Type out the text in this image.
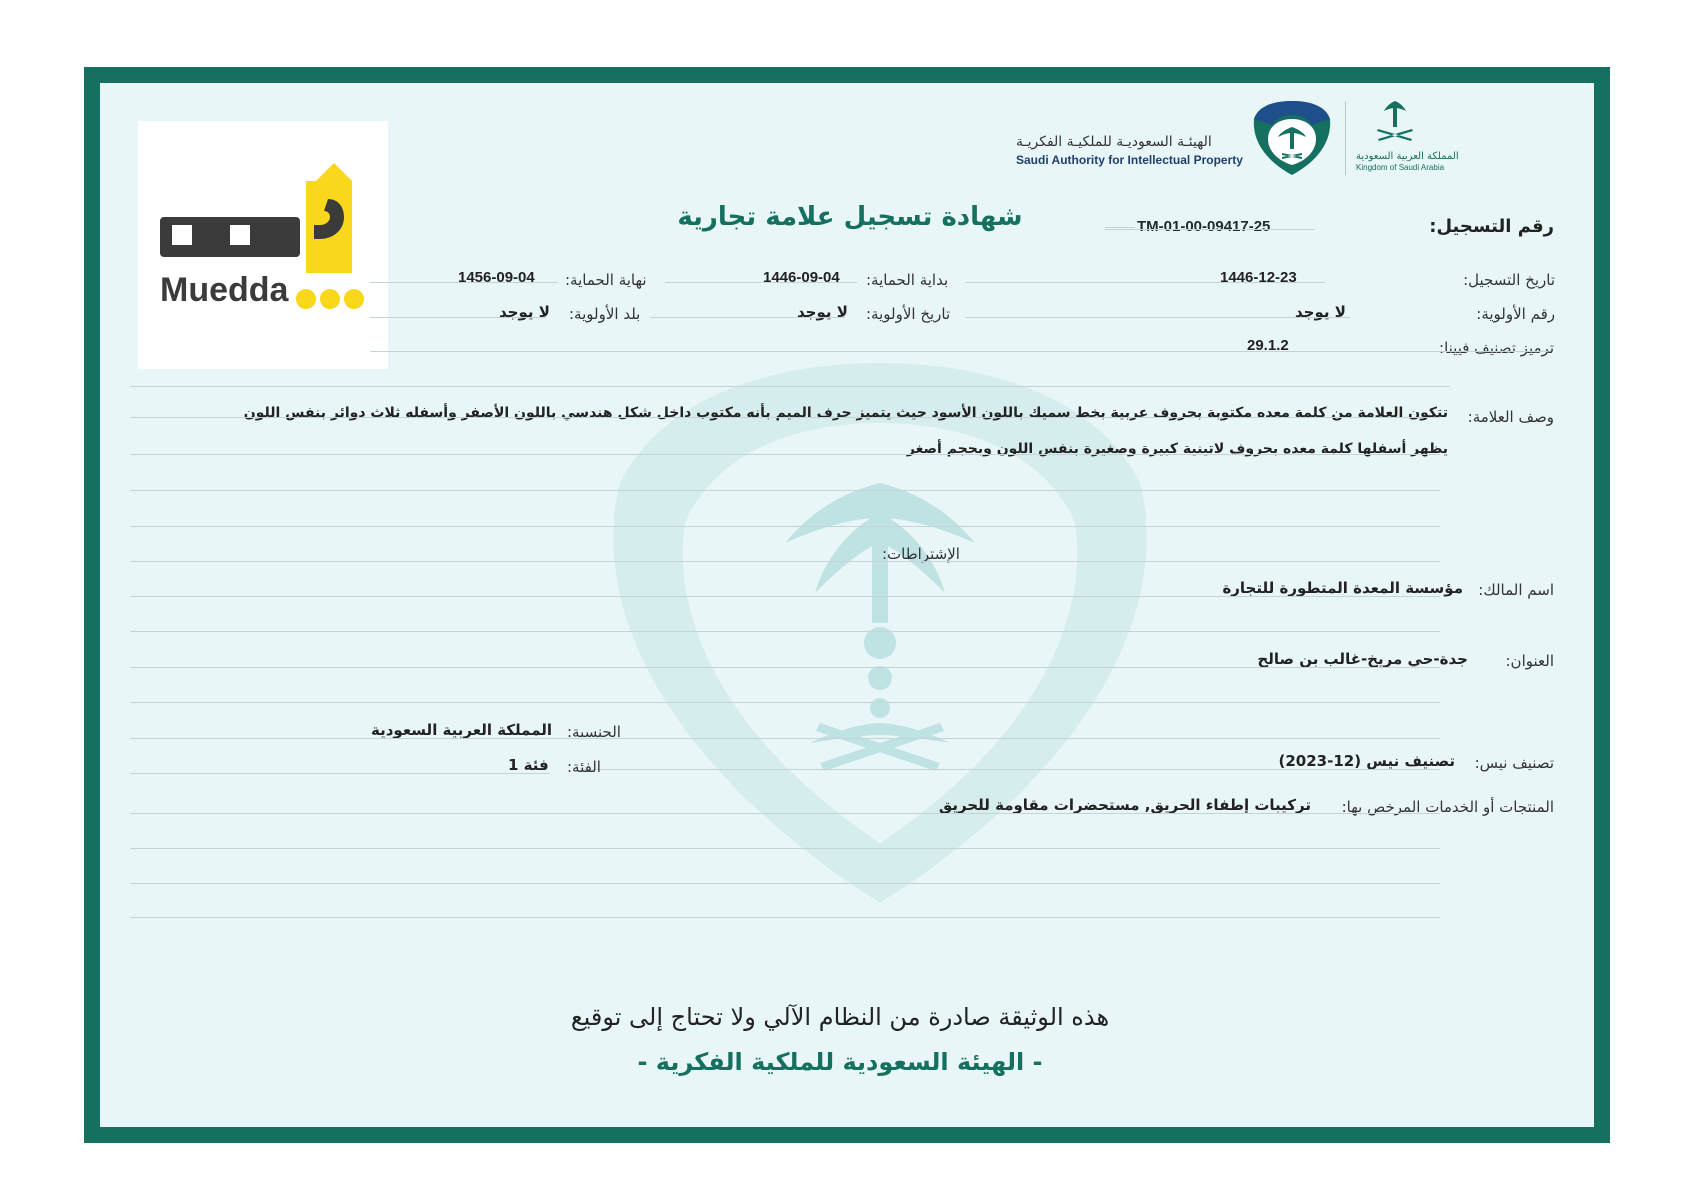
Muedda
الهيئـة السعوديـة للملكيـة الفكريـة
Saudi Authority for Intellectual Property	المملكة العربية السعودية
Kingdom of Saudi Arabia
شهادة تسجيل علامة تجارية	رقم التسجيل:
TM-01-00-09417-25
تاريخ التسجيل:
1446-12-23
بداية الحماية:
1446-09-04
نهاية الحماية:
1456-09-04
رقم الأولوية:
لا يوجد
تاريخ الأولوية:
لا يوجد
بلد الأولوية:
لا يوجد
ترميز تصنيف فيينا:
29.1.2
وصف العلامة:
تتكون العلامة من كلمة معده مكتوبة بحروف عربية بخط سميك باللون الأسود حيث يتميز حرف الميم بأنه مكتوب داخل شكل هندسي باللون الأصفر وأسفله ثلاث دوائر بنفس اللون
يظهر أسفلها كلمة معده بحروف لاتينية كبيرة وصغيرة بنفس اللون وبحجم أصغر
الإشتراطات:
اسم المالك:
مؤسسة المعدة المتطورة للتجارة
العنوان:
جدة-حي مريخ-غالب بن صالح
الجنسية:
المملكة العربية السعودية
تصنيف نيس:
تصنيف نيس (12-2023)
الفئة:
فئة 1
المنتجات أو الخدمات المرخص بها:
تركيبات إطفاء الحريق, مستحضرات مقاومة للحريق
هذه الوثيقة صادرة من النظام الآلي ولا تحتاج إلى توقيع
- الهيئة السعودية للملكية الفكرية -
